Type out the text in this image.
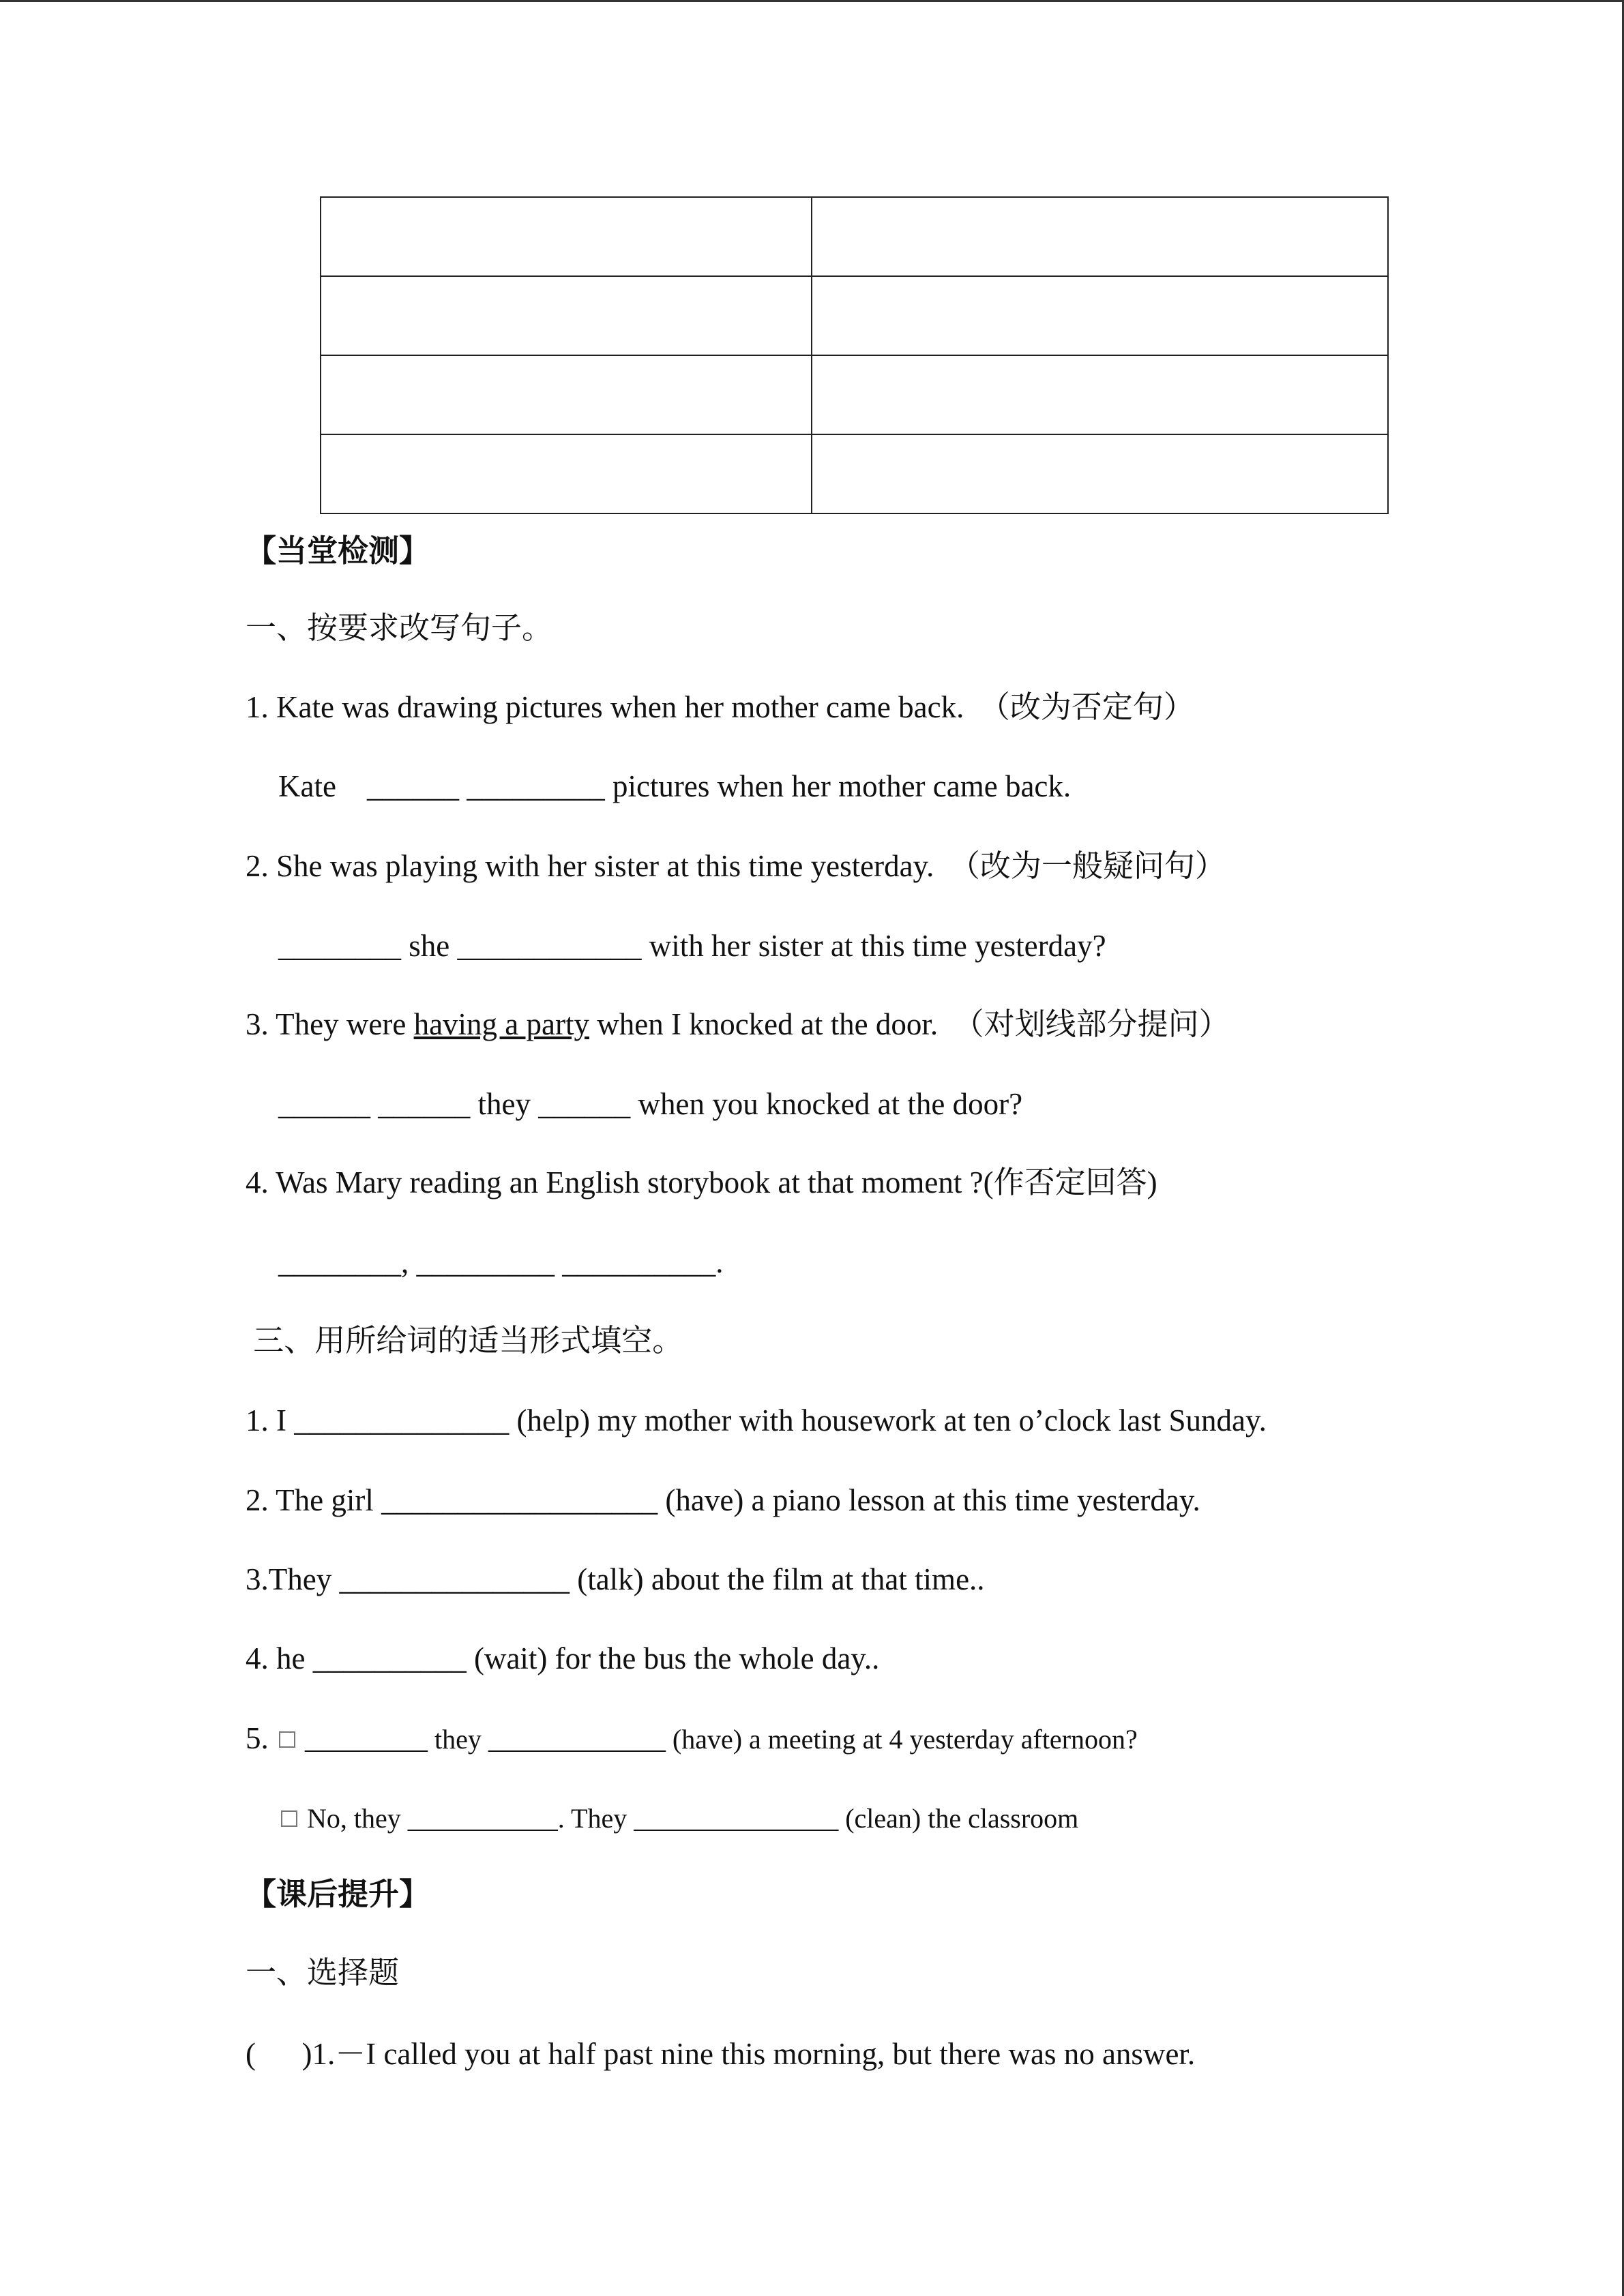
【当堂检测】
一、按要求改写句子。
1. Kate was drawing pictures when her mother came back.  （改为否定句）
Kate    ______ _________ pictures when her mother came back.
2. She was playing with her sister at this time yesterday.  （改为一般疑问句）
________ she ____________ with her sister at this time yesterday?
3. They were having a party when I knocked at the door.  （对划线部分提问）
______ ______ they ______ when you knocked at the door?
4. Was Mary reading an English storybook at that moment ?(作否定回答)
________, _________ __________.
三、用所给词的适当形式填空。
1. I ______________ (help) my mother with housework at ten o’clock last Sunday.
2. The girl __________________ (have) a piano lesson at this time yesterday.
3.They _______________ (talk) about the film at that time..
4. he __________ (wait) for the bus the whole day..
5.  _________ they _____________ (have) a meeting at 4 yesterday afternoon?
No, they ___________. They _______________ (clean) the classroom
【课后提升】
一、选择题
(      )1.－I called you at half past nine this morning, but there was no answer.
